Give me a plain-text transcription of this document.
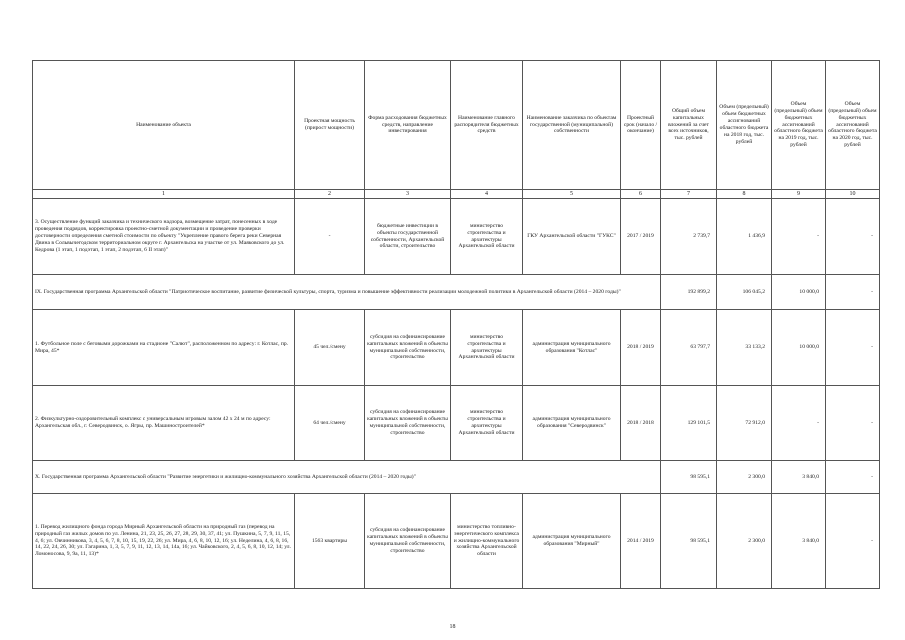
Наименование объекта	Проектная мощность (прирост мощности)	Форма расходования бюджетных средств, направление инвестирования	Наименование главного распорядителя бюджетных средств	Наименование заказчика по объектам государственной (муниципальной) собственности	Проектный срок (начало / окончание)	Общий объем капитальных вложений за счет всех источников, тыс. рублей	Объем (предельный) объем бюджетных ассигнований областного бюджета на 2018 год, тыс. рублей	Объем (предельный) объем бюджетных ассигнований областного бюджета на 2019 год, тыс. рублей	Объем (предельный) объем бюджетных ассигнований областного бюджета на 2020 год, тыс. рублей
1	2	3	4	5	6	7	8	9	10
3. Осуществление функций заказчика и технического надзора, возмещение затрат, понесенных в ходе проведения подрядов, корректировка проектно-сметной документации и проведение проверки достоверности определения сметной стоимости по объекту "Укрепление правого берега реки Северная Двина в Сольвычегодском территориальном округе г. Архангельска на участке от ул. Маяковского до ул. Кедрова (1 этап, 1 подэтап, 1 этап, 2 подэтап, 6 II этап)"	-	бюджетные инвестиции в объекты государственной собственности, Архангельской области, строительство	министерство строительства и архитектуры Архангельской области	ГКУ Архангельской области "ГУКС"	2017 / 2019	2 739,7	1 436,9	-	-
IX. Государственная программа Архангельской области "Патриотическое воспитание, развитие физической культуры, спорта, туризма и повышение эффективности реализации молодежной политики в Архангельской области (2014 – 2020 годы)"						192 899,2	106 045,2	10 000,0	-
1. Футбольное поле с беговыми дорожками на стадионе "Салют", расположенном по адресу: г. Котлас, пр. Мира, 45*	45 чел./смену	субсидия на софинансирование капитальных вложений в объекты муниципальной собственности, строительство	министерство строительства и архитектуры Архангельской области	администрация муниципального образования "Котлас"	2018 / 2019	63 797,7	33 133,2	10 000,0	-
2. Физкультурно-оздоровительный комплекс с универсальным игровым залом 42 х 24 м по адресу: Архангельская обл., г. Северодвинск, о. Ягры, пр. Машиностроителей*	64 чел./смену	субсидия на софинансирование капитальных вложений в объекты муниципальной собственности, строительство	министерство строительства и архитектуры Архангельской области	администрация муниципального образования "Северодвинск"	2018 / 2018	129 101,5	72 912,0	-	-
X. Государственная программа Архангельской области "Развитие энергетики и жилищно-коммунального хозяйства Архангельской области (2014 – 2020 годы)"						98 595,1	2 300,0	3 840,0	-
1. Перевод жилищного фонда города Мирный Архангельской области на природный газ (перевод на природный газ жилых домов по ул. Ленина, 21, 23, 25, 26, 27, 28, 29, 30, 37, 41; ул. Пушкина, 5, 7, 9, 11, 15, 4, 6; ул. Овчинникова, 3, 4, 5, 6, 7, 8, 10, 15, 19, 22, 26; ул. Мира, 4, 6, 8, 10, 12, 16; ул. Неделина, 4, 6, 8, 16, 14, 22, 24, 26, 30; ул. Гагарина, 1, 3, 5, 7, 9, 11, 12, 13, 14, 14а, 16; ул. Чайковского, 2, 4, 5, 6, 8, 10, 12, 14; ул. Ломоносова, 9, 9а, 11, 13)*	1563 квартиры	субсидия на софинансирование капитальных вложений в объекты муниципальной собственности, строительство	министерство топливно-энергетического комплекса и жилищно-коммунального хозяйства Архангельской области	администрация муниципального образования "Мирный"	2014 / 2019	98 595,1	2 300,0	3 840,0	-
18
